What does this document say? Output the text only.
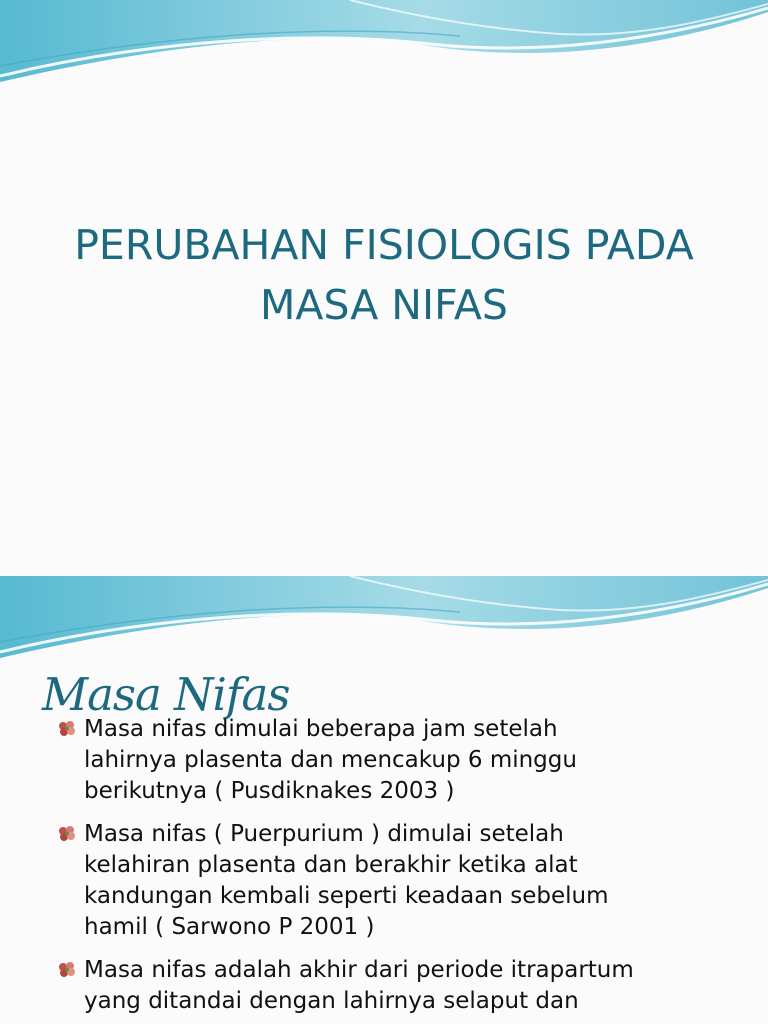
PERUBAHAN FISIOLOGIS PADA
MASA NIFAS
Masa Nifas
Masa nifas dimulai beberapa jam setelah
lahirnya plasenta dan mencakup 6 minggu
berikutnya ( Pusdiknakes 2003 )
Masa nifas ( Puerpurium ) dimulai setelah
kelahiran plasenta dan berakhir ketika alat
kandungan kembali seperti keadaan sebelum
hamil ( Sarwono P 2001 )
Masa nifas adalah akhir dari periode itrapartum
yang ditandai dengan lahirnya selaput dan
